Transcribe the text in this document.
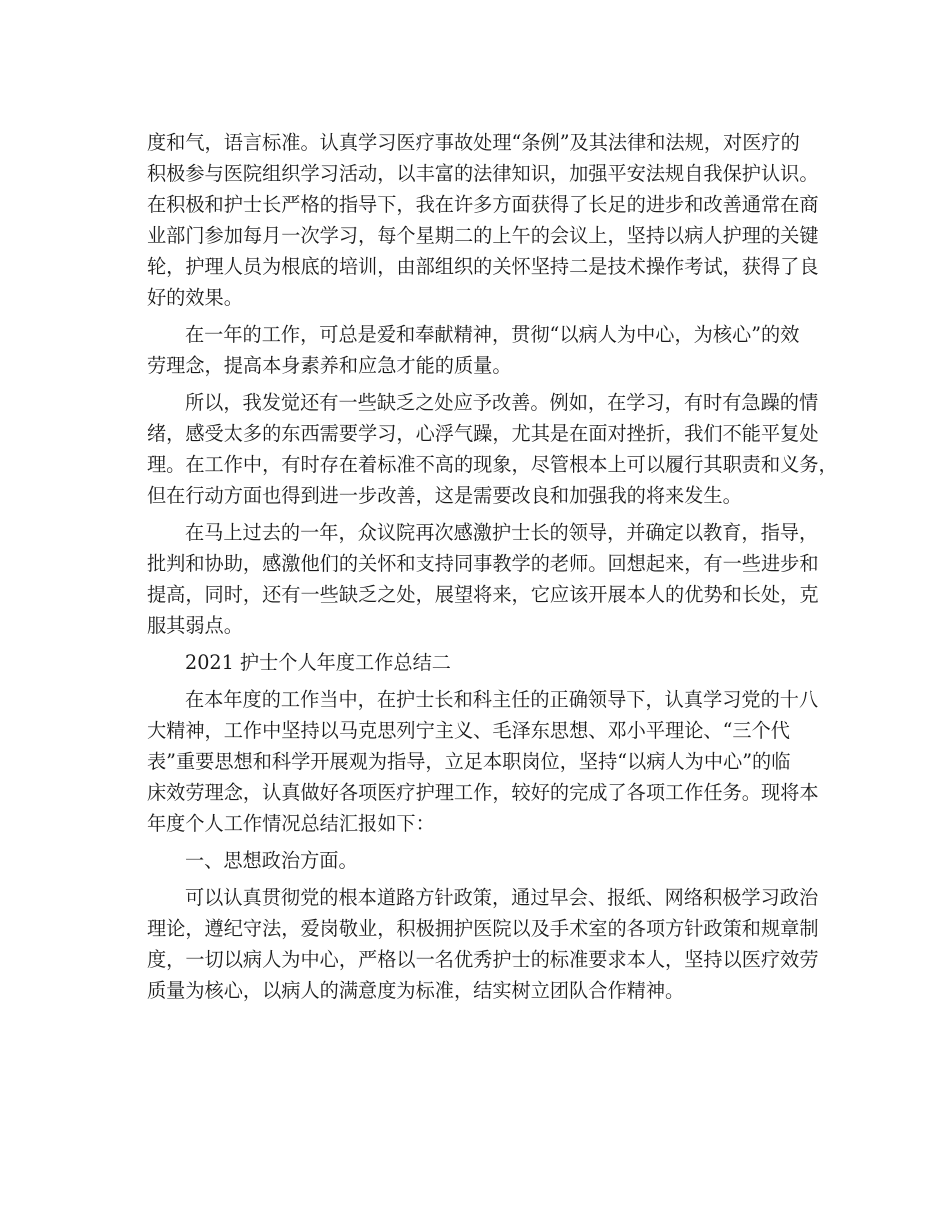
度和气，语言标准。认真学习医疗事故处理“条例”及其法律和法规，对医疗的
积极参与医院组织学习活动，以丰富的法律知识，加强平安法规自我保护认识。
在积极和护士长严格的指导下，我在许多方面获得了长足的进步和改善通常在商
业部门参加每月一次学习，每个星期二的上午的会议上，坚持以病人护理的关键
轮，护理人员为根底的培训，由部组织的关怀坚持二是技术操作考试，获得了良
好的效果。
在一年的工作，可总是爱和奉献精神，贯彻“以病人为中心，为核心”的效
劳理念，提高本身素养和应急才能的质量。
所以，我发觉还有一些缺乏之处应予改善。例如，在学习，有时有急躁的情
绪，感受太多的东西需要学习，心浮气躁，尤其是在面对挫折，我们不能平复处
理。在工作中，有时存在着标准不高的现象，尽管根本上可以履行其职责和义务，
但在行动方面也得到进一步改善，这是需要改良和加强我的将来发生。
在马上过去的一年，众议院再次感激护士长的领导，并确定以教育，指导，
批判和协助，感激他们的关怀和支持同事教学的老师。回想起来，有一些进步和
提高，同时，还有一些缺乏之处，展望将来，它应该开展本人的优势和长处，克
服其弱点。
2021 护士个人年度工作总结二
在本年度的工作当中，在护士长和科主任的正确领导下，认真学习党的十八
大精神，工作中坚持以马克思列宁主义、毛泽东思想、邓小平理论、“三个代
表”重要思想和科学开展观为指导，立足本职岗位，坚持“以病人为中心”的临
床效劳理念，认真做好各项医疗护理工作，较好的完成了各项工作任务。现将本
年度个人工作情况总结汇报如下：
一、思想政治方面。
可以认真贯彻党的根本道路方针政策，通过早会、报纸、网络积极学习政治
理论，遵纪守法，爱岗敬业，积极拥护医院以及手术室的各项方针政策和规章制
度，一切以病人为中心，严格以一名优秀护士的标准要求本人，坚持以医疗效劳
质量为核心，以病人的满意度为标准，结实树立团队合作精神。
